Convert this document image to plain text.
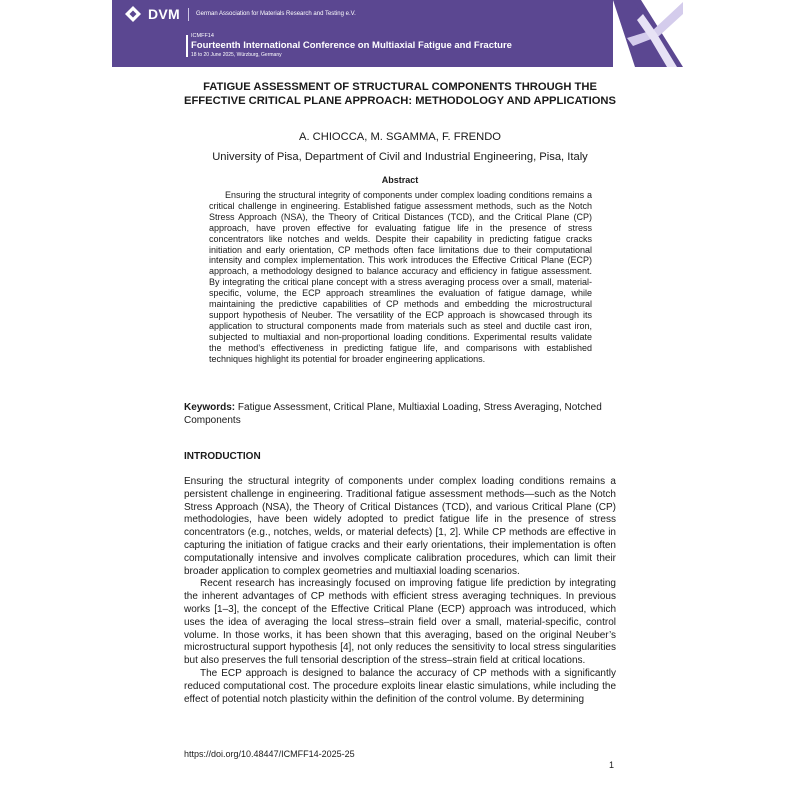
DVM	German Association for Materials Research and Testing e.V.
ICMFF14
Fourteenth International Conference on Multiaxial Fatigue and Fracture
18 to 20 June 2025, Würzburg, Germany
FATIGUE ASSESSMENT OF STRUCTURAL COMPONENTS THROUGH THE EFFECTIVE CRITICAL PLANE APPROACH: METHODOLOGY AND APPLICATIONS
A. CHIOCCA, M. SGAMMA, F. FRENDO
University of Pisa, Department of Civil and Industrial Engineering, Pisa, Italy
Abstract

Ensuring the structural integrity of components under complex loading conditions remains a critical challenge in engineering. Established fatigue assessment methods, such as the Notch Stress Approach (NSA), the Theory of Critical Distances (TCD), and the Critical Plane (CP) approach, have proven effective for evaluating fatigue life in the presence of stress concentrators like notches and welds. Despite their capability in predicting fatigue cracks initiation and early orientation, CP methods often face limitations due to their computational intensity and complex implementation. This work introduces the Effective Critical Plane (ECP) approach, a methodology designed to balance accuracy and efficiency in fatigue assessment. By integrating the critical plane concept with a stress averaging process over a small, material-specific, volume, the ECP approach streamlines the evaluation of fatigue damage, while maintaining the predictive capabilities of CP methods and embedding the microstructural support hypothesis of Neuber. The versatility of the ECP approach is showcased through its application to structural components made from materials such as steel and ductile cast iron, subjected to multiaxial and non-proportional loading conditions. Experimental results validate the method’s effectiveness in predicting fatigue life, and comparisons with established techniques highlight its potential for broader engineering applications.

Keywords: Fatigue Assessment, Critical Plane, Multiaxial Loading, Stress Averaging, Notched Components

INTRODUCTION

Ensuring the structural integrity of components under complex loading conditions remains a persistent challenge in engineering. Traditional fatigue assessment methods—such as the Notch Stress Approach (NSA), the Theory of Critical Distances (TCD), and various Critical Plane (CP) methodologies, have been widely adopted to predict fatigue life in the presence of stress concentrators (e.g., notches, welds, or material defects) [1, 2]. While CP methods are effective in capturing the initiation of fatigue cracks and their early orientations, their implementation is often computationally intensive and involves complicate calibration procedures, which can limit their broader application to complex geometries and multiaxial loading scenarios.

Recent research has increasingly focused on improving fatigue life prediction by integrating the inherent advantages of CP methods with efficient stress averaging techniques. In previous works [1–3], the concept of the Effective Critical Plane (ECP) approach was introduced, which uses the idea of averaging the local stress–strain field over a small, material-specific, control volume. In those works, it has been shown that this averaging, based on the original Neuber’s microstructural support hypothesis [4], not only reduces the sensitivity to local stress singularities but also preserves the full tensorial description of the stress–strain field at critical locations.

The ECP approach is designed to balance the accuracy of CP methods with a significantly reduced computational cost. The procedure exploits linear elastic simulations, while including the effect of potential notch plasticity within the definition of the control volume. By determining

https://doi.org/10.48447/ICMFF14-2025-25
1
